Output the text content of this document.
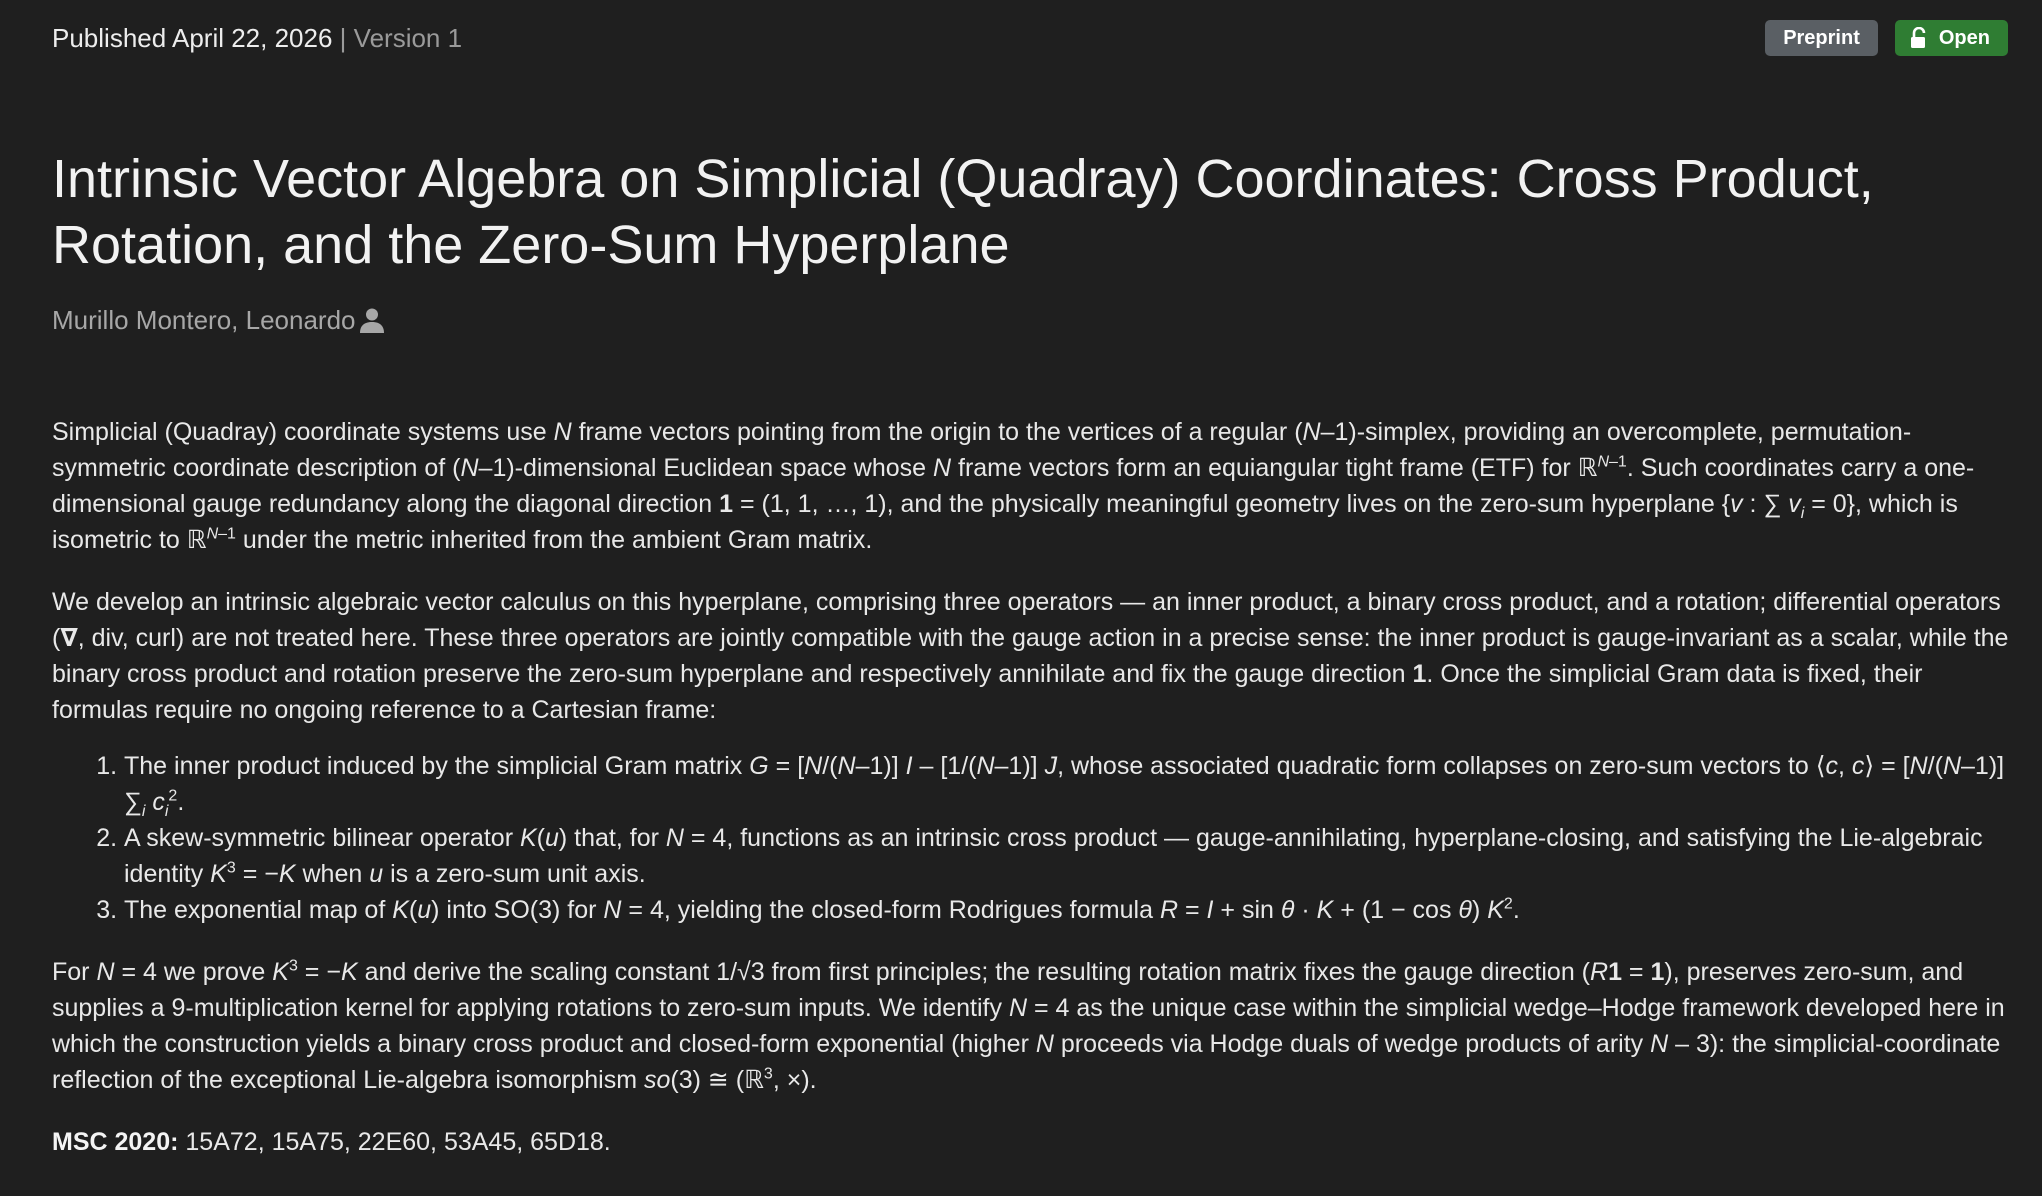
Published April 22, 2026 | Version 1	Preprint	Open
Intrinsic Vector Algebra on Simplicial (Quadray) Coordinates: Cross Product, Rotation, and the Zero-Sum Hyperplane
Murillo Montero, Leonardo

Simplicial (Quadray) coordinate systems use N frame vectors pointing from the origin to the vertices of a regular (N–1)-simplex, providing an overcomplete, permutation-symmetric coordinate description of (N–1)-dimensional Euclidean space whose N frame vectors form an equiangular tight frame (ETF) for ℝ$^{N-1}$. Such coordinates carry a one-dimensional gauge redundancy along the diagonal direction 1 = (1, 1, …, 1), and the physically meaningful geometry lives on the zero-sum hyperplane {v : ∑ $v_i = 0$}, which is isometric to ℝ$^{N-1}$ under the metric inherited from the ambient Gram matrix.

We develop an intrinsic algebraic vector calculus on this hyperplane, comprising three operators — an inner product, a binary cross product, and a rotation; differential operators (∇, div, curl) are not treated here. These three operators are jointly compatible with the gauge action in a precise sense: the inner product is gauge-invariant as a scalar, while the binary cross product and rotation preserve the zero-sum hyperplane and respectively annihilate and fix the gauge direction 1. Once the simplicial Gram data is fixed, their formulas require no ongoing reference to a Cartesian frame:

1. The inner product induced by the simplicial Gram matrix G = [N/(N–1)] I – [1/(N–1)] J, whose associated quadratic form collapses on zero-sum vectors to ⟨c, c⟩ = [N/(N–1)] $\sum_i$ $c_i^2$.
2. A skew-symmetric bilinear operator K(u) that, for N = 4, functions as an intrinsic cross product — gauge-annihilating, hyperplane-closing, and satisfying the Lie-algebraic identity $K^3 = -K$ when u is a zero-sum unit axis.
3. The exponential map of K(u) into SO(3) for N = 4, yielding the closed-form Rodrigues formula R = I + sin θ · K + (1 − cos θ) $K^2$.

For N = 4 we prove $K^3 = -K$ and derive the scaling constant 1/√3 from first principles; the resulting rotation matrix fixes the gauge direction (R1 = 1), preserves zero-sum, and supplies a 9-multiplication kernel for applying rotations to zero-sum inputs. We identify N = 4 as the unique case within the simplicial wedge–Hodge framework developed here in which the construction yields a binary cross product and closed-form exponential (higher N proceeds via Hodge duals of wedge products of arity N – 3): the simplicial-coordinate reflection of the exceptional Lie-algebra isomorphism so(3) ≅ (ℝ$^3$, ×).

MSC 2020: 15A72, 15A75, 22E60, 53A45, 65D18.
